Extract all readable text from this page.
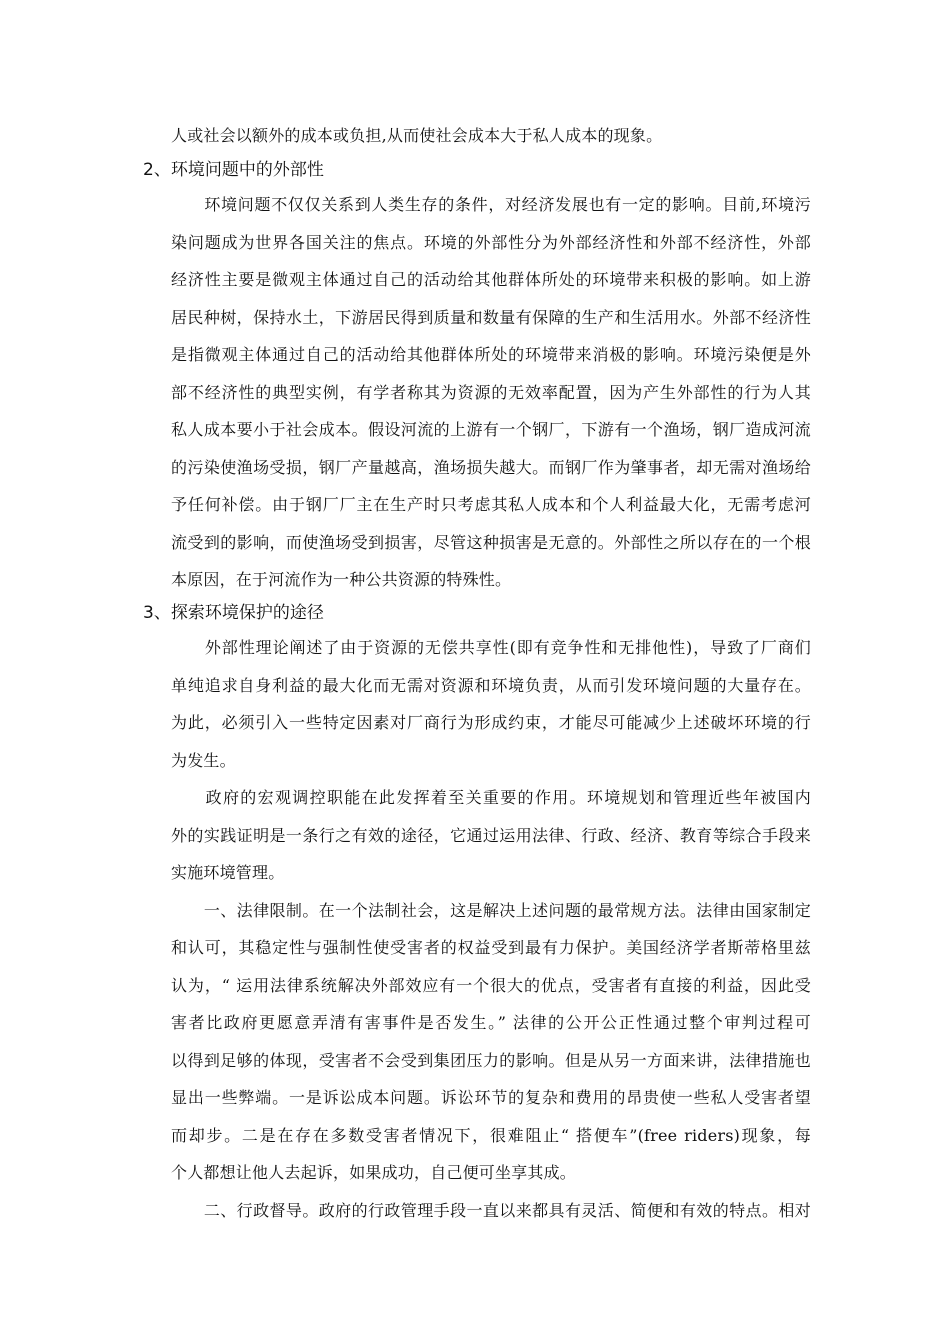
人或社会以额外的成本或负担,从而使社会成本大于私人成本的现象。
2、环境问题中的外部性
　　环境问题不仅仅关系到人类生存的条件，对经济发展也有一定的影响。目前,环境污
染问题成为世界各国关注的焦点。环境的外部性分为外部经济性和外部不经济性，外部
经济性主要是微观主体通过自己的活动给其他群体所处的环境带来积极的影响。如上游
居民种树，保持水土，下游居民得到质量和数量有保障的生产和生活用水。外部不经济性
是指微观主体通过自己的活动给其他群体所处的环境带来消极的影响。环境污染便是外
部不经济性的典型实例，有学者称其为资源的无效率配置，因为产生外部性的行为人其
私人成本要小于社会成本。假设河流的上游有一个钢厂，下游有一个渔场，钢厂造成河流
的污染使渔场受损，钢厂产量越高，渔场损失越大。而钢厂作为肇事者，却无需对渔场给
予任何补偿。由于钢厂厂主在生产时只考虑其私人成本和个人利益最大化，无需考虑河
流受到的影响，而使渔场受到损害，尽管这种损害是无意的。外部性之所以存在的一个根
本原因，在于河流作为一种公共资源的特殊性。
3、探索环境保护的途径
　　外部性理论阐述了由于资源的无偿共享性(即有竞争性和无排他性)，导致了厂商们
单纯追求自身利益的最大化而无需对资源和环境负责，从而引发环境问题的大量存在。
为此，必须引入一些特定因素对厂商行为形成约束，才能尽可能减少上述破坏环境的行
为发生。
　　政府的宏观调控职能在此发挥着至关重要的作用。环境规划和管理近些年被国内
外的实践证明是一条行之有效的途径，它通过运用法律、行政、经济、教育等综合手段来
实施环境管理。
　　一、法律限制。在一个法制社会，这是解决上述问题的最常规方法。法律由国家制定
和认可，其稳定性与强制性使受害者的权益受到最有力保护。美国经济学者斯蒂格里兹
认为，“ 运用法律系统解决外部效应有一个很大的优点，受害者有直接的利益，因此受
害者比政府更愿意弄清有害事件是否发生。” 法律的公开公正性通过整个审判过程可
以得到足够的体现，受害者不会受到集团压力的影响。但是从另一方面来讲，法律措施也
显出一些弊端。一是诉讼成本问题。诉讼环节的复杂和费用的昂贵使一些私人受害者望
而却步。二是在存在多数受害者情况下，很难阻止“ 搭便车”(free riders)现象，每
个人都想让他人去起诉，如果成功，自己便可坐享其成。
　　二、行政督导。政府的行政管理手段一直以来都具有灵活、简便和有效的特点。相对
